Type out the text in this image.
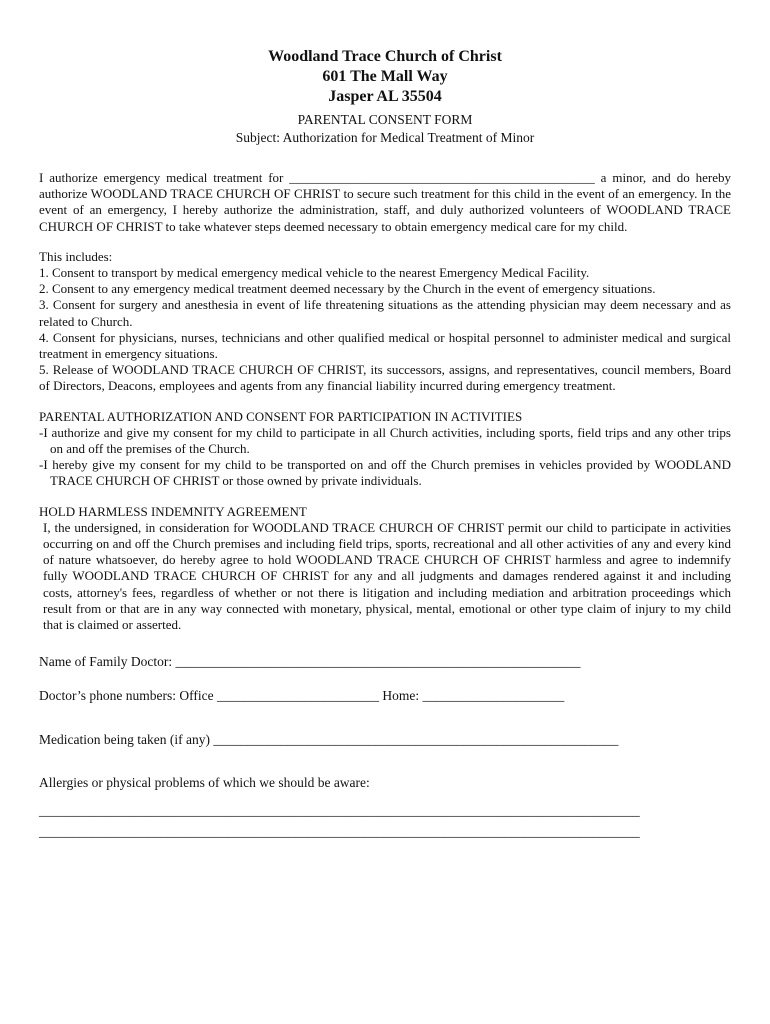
Woodland Trace Church of Christ
601 The Mall Way
Jasper AL 35504
PARENTAL CONSENT FORM
Subject: Authorization for Medical Treatment of Minor

I authorize emergency medical treatment for _______________________________________________ a minor, and do hereby authorize WOODLAND TRACE CHURCH OF CHRIST to secure such treatment for this child in the event of an emergency. In the event of an emergency, I hereby authorize the administration, staff, and duly authorized volunteers of WOODLAND TRACE CHURCH OF CHRIST to take whatever steps deemed necessary to obtain emergency medical care for my child.

This includes:

1. Consent to transport by medical emergency medical vehicle to the nearest Emergency Medical Facility.

2. Consent to any emergency medical treatment deemed necessary by the Church in the event of emergency situations.

3. Consent for surgery and anesthesia in event of life threatening situations as the attending physician may deem necessary and as related to Church.

4. Consent for physicians, nurses, technicians and other qualified medical or hospital personnel to administer medical and surgical treatment in emergency situations.

5. Release of WOODLAND TRACE CHURCH OF CHRIST, its successors, assigns, and representatives, council members, Board of Directors, Deacons, employees and agents from any financial liability incurred during emergency treatment.

PARENTAL AUTHORIZATION AND CONSENT FOR PARTICIPATION IN ACTIVITIES

-I authorize and give my consent for my child to participate in all Church activities, including sports, field trips and any other trips on and off the premises of the Church.

-I hereby give my consent for my child to be transported on and off the Church premises in vehicles provided by WOODLAND TRACE CHURCH OF CHRIST or those owned by private individuals.

HOLD HARMLESS INDEMNITY AGREEMENT

I, the undersigned, in consideration for WOODLAND TRACE CHURCH OF CHRIST permit our child to participate in activities occurring on and off the Church premises and including field trips, sports, recreational and all other activities of any and every kind of nature whatsoever, do hereby agree to hold WOODLAND TRACE CHURCH OF CHRIST harmless and agree to indemnify fully WOODLAND TRACE CHURCH OF CHRIST for any and all judgments and damages rendered against it and including costs, attorney's fees, regardless of whether or not there is litigation and including mediation and arbitration proceedings which result from or that are in any way connected with monetary, physical, mental, emotional or other type claim of injury to my child that is claimed or asserted.

Name of Family Doctor: ____________________________________________________________

Doctor’s phone numbers: Office ________________________ Home: _____________________

Medication being taken (if any) ____________________________________________________________

Allergies or physical problems of which we should be aware:

_________________________________________________________________________________________

_________________________________________________________________________________________
